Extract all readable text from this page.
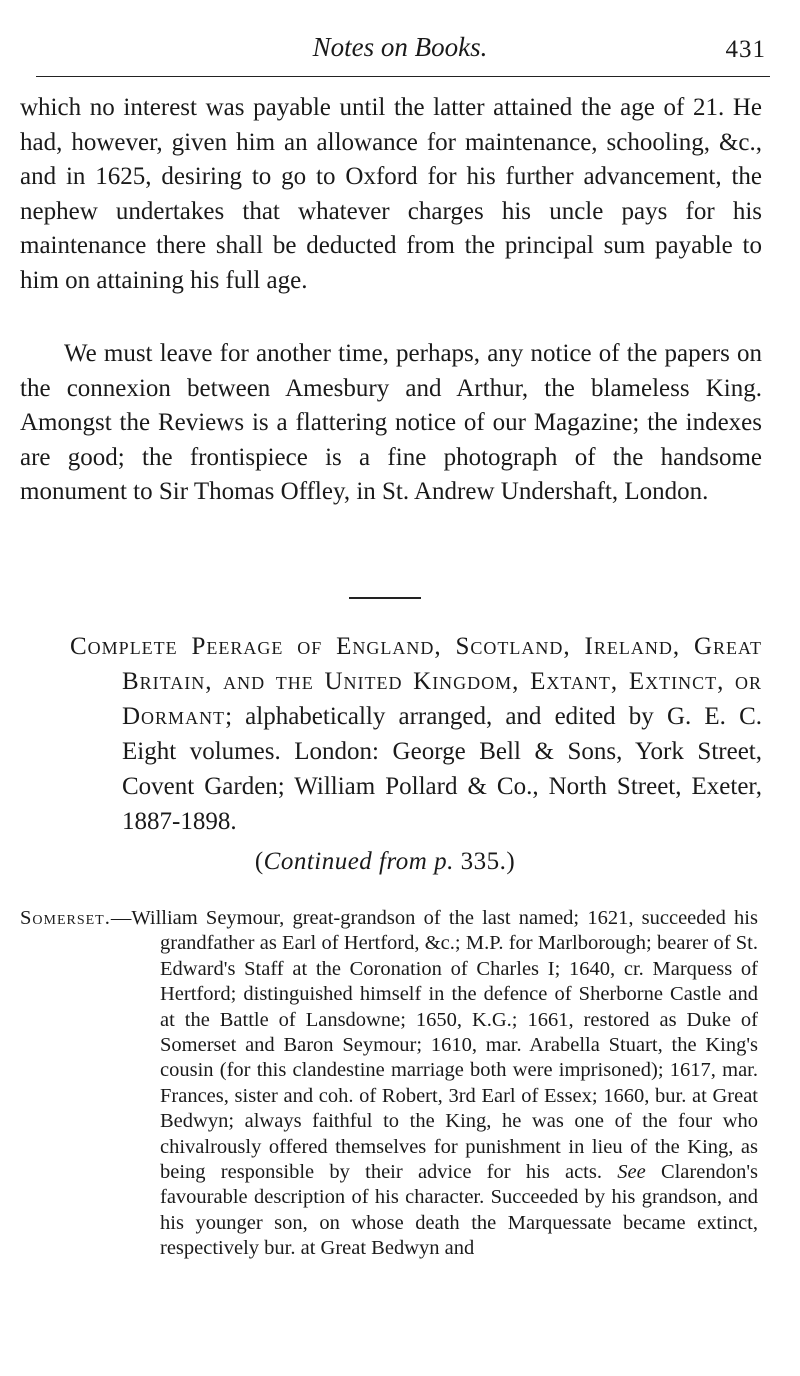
Notes on Books.	431

which no interest was payable until the latter attained the age of 21. He had, however, given him an allowance for maintenance, schooling, &c., and in 1625, desiring to go to Oxford for his further advancement, the nephew undertakes that whatever charges his uncle pays for his maintenance there shall be deducted from the principal sum payable to him on attaining his full age.

We must leave for another time, perhaps, any notice of the papers on the connexion between Amesbury and Arthur, the blameless King. Amongst the Reviews is a flattering notice of our Magazine; the indexes are good; the frontispiece is a fine photograph of the handsome monument to Sir Thomas Offley, in St. Andrew Undershaft, London.

Complete Peerage of England, Scotland, Ireland, Great Britain, and the United Kingdom, Extant, Extinct, or Dormant; alphabetically arranged, and edited by G. E. C. Eight volumes. London: George Bell & Sons, York Street, Covent Garden; William Pollard & Co., North Street, Exeter, 1887-1898.

(Continued from p. 335.)

Somerset.—William Seymour, great-grandson of the last named; 1621, succeeded his grandfather as Earl of Hertford, &c.; M.P. for Marlborough; bearer of St. Edward's Staff at the Coronation of Charles I; 1640, cr. Marquess of Hertford; distinguished himself in the defence of Sherborne Castle and at the Battle of Lansdowne; 1650, K.G.; 1661, restored as Duke of Somerset and Baron Seymour; 1610, mar. Arabella Stuart, the King's cousin (for this clandestine marriage both were imprisoned); 1617, mar. Frances, sister and coh. of Robert, 3rd Earl of Essex; 1660, bur. at Great Bedwyn; always faithful to the King, he was one of the four who chivalrously offered themselves for punishment in lieu of the King, as being responsible by their advice for his acts. See Clarendon's favourable description of his character. Succeeded by his grandson, and his younger son, on whose death the Marquessate became extinct, respectively bur. at Great Bedwyn and
